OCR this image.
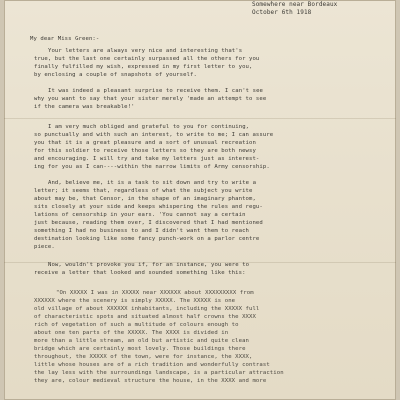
Somewhere near Bordeaux
October 6th 1918
My dear Miss Green:-
Your letters are always very nice and interesting that's
true, but the last one certainly surpassed all the others for you
finally fulfilled my wish, expressed in my first letter to you,
by enclosing a couple of snapshots of yourself.
It was indeed a pleasant surprise to receive them. I can't see
why you want to say that your sister merely 'made an attempt to see
if the camera was breakable!'
I am very much obliged and grateful to you for continuing,
so punctually and with such an interest, to write to me; I can assure
you that it is a great pleasure and a sort of unusual recreation
for this soldier to receive those letters so they are both newsy
and encouraging. I will try and take my letters just as interest-
ing for you as I can----within the narrow limits of Army censorship.
And, believe me, it is a task to sit down and try to write a
letter; it seems that, regardless of what the subject you write
about may be, that Censor, in the shape of an imaginary phantom,
sits closely at your side and keeps whispering the rules and regu-
lations of censorship in your ears. 'You cannot say a certain
just because, reading them over, I discovered that I had mentioned
something I had no business to and I didn't want them to reach
destination looking like some fancy punch-work on a parlor centre
piece.
Now, wouldn't provoke you if, for an instance, you were to
receive a letter that looked and sounded something like this:
"On XXXXX I was in XXXXX near XXXXXX about XXXXXXXXX from
XXXXXX where the scenery is simply XXXXX. The XXXXX is one
old village of about XXXXXX inhabitants, including the XXXXX full
of characteristic spots and situated almost half crowns the XXXX
rich of vegetation of such a multitude of colours enough to
about one ten parts of the XXXXX. The XXXX is divided in
more than a little stream, an old but artistic and quite clean
bridge which are certainly most lovely. Those buildings there
throughout, the XXXXX of the town, were for instance, the XXXX,
little whose houses are of a rich tradition and wonderfully contrast
the lay less with the surroundings landscape, is a particular attraction
they are, colour medieval structure the house, in the XXXX and more
